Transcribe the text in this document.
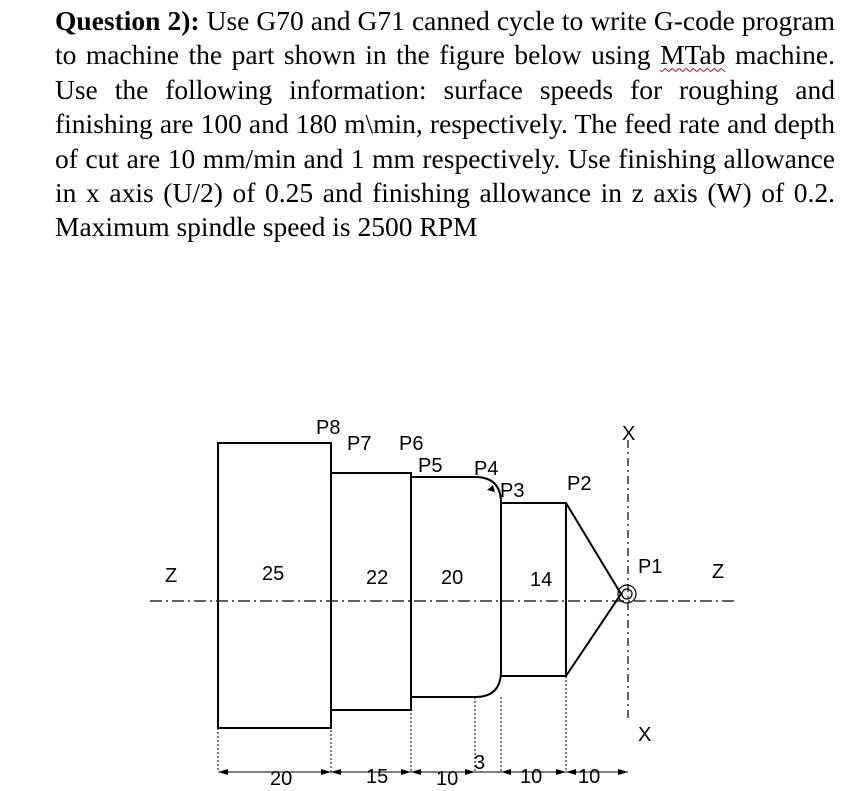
Question 2): Use G70 and G71 canned cycle to write G-code program to machine the part shown in the figure below using MTab machine. Use the following information: surface speeds for roughing and finishing are 100 and 180 m\min, respectively. The feed rate and depth of cut are 10 mm/min and 1 mm respectively. Use finishing allowance in x axis (U/2) of 0.25 and finishing allowance in z axis (W) of 0.2. Maximum spindle speed is 2500 RPM

P8
P7 P6
P5 P4
P3 P2
P1
25	22	20	14
Z	Z
X
X
20	15 10
3
10 10
